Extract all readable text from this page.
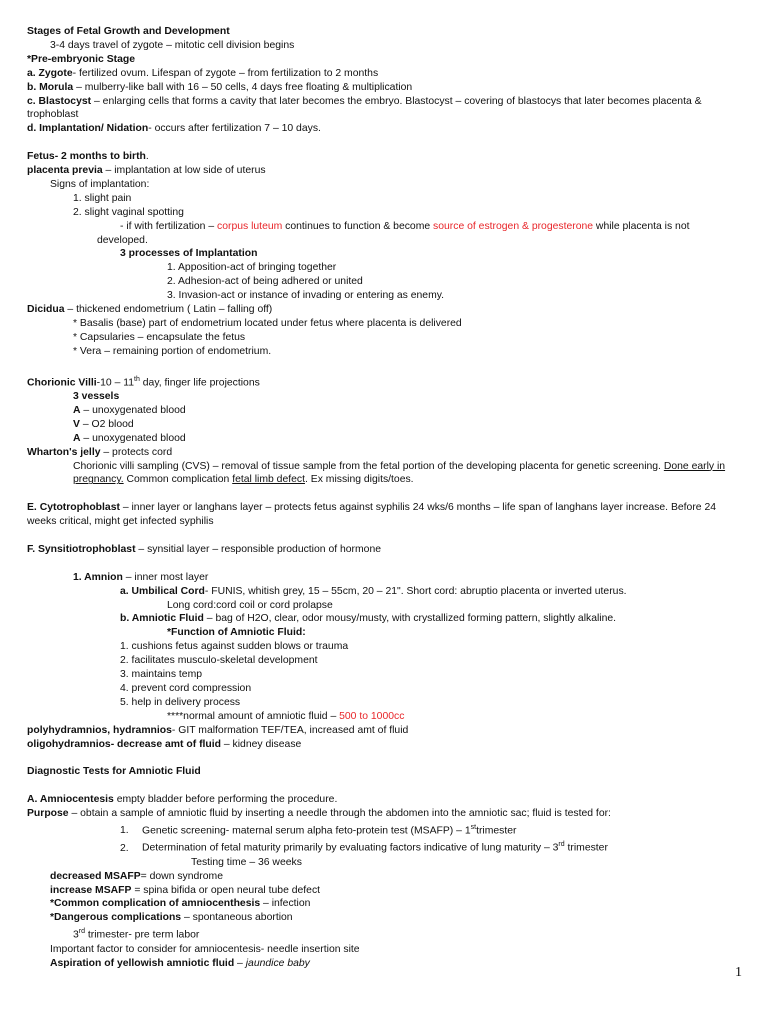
Stages of Fetal Growth and Development

3-4 days travel of zygote – mitotic cell division begins

*Pre-embryonic Stage

a. Zygote- fertilized ovum. Lifespan of zygote – from fertilization to 2 months

b. Morula – mulberry-like ball with 16 – 50 cells, 4 days free floating & multiplication

c. Blastocyst – enlarging cells that forms a cavity that later becomes the embryo. Blastocyst – covering of blastocys that later becomes placenta & trophoblast

d. Implantation/ Nidation- occurs after fertilization 7 – 10 days.

Fetus- 2 months to birth.

placenta previa – implantation at low side of uterus

Signs of implantation:

1. slight pain

2. slight vaginal spotting

- if with fertilization – corpus luteum continues to function & become source of estrogen & progesterone while placenta is not

developed.

3 processes of Implantation

1. Apposition-act of bringing together

2. Adhesion-act of being adhered or united

3. Invasion-act or instance of invading or entering as enemy.

Dicidua – thickened endometrium ( Latin – falling off)

* Basalis (base) part of endometrium located under fetus where placenta is delivered

* Capsularies – encapsulate the fetus

* Vera – remaining portion of endometrium.

Chorionic Villi-10 – 11th day, finger life projections

3 vessels

A – unoxygenated blood

V – O2 blood

A – unoxygenated blood

Wharton's jelly – protects cord

Chorionic villi sampling (CVS) – removal of tissue sample from the fetal portion of the developing placenta for genetic screening. Done early in pregnancy. Common complication fetal limb defect. Ex missing digits/toes.

E. Cytotrophoblast – inner layer or langhans layer – protects fetus against syphilis 24 wks/6 months – life span of langhans layer increase. Before 24 weeks critical, might get infected syphilis

F. Synsitiotrophoblast – synsitial layer – responsible production of hormone

1. Amnion – inner most layer

a. Umbilical Cord- FUNIS, whitish grey, 15 – 55cm, 20 – 21". Short cord: abruptio placenta or inverted uterus.

Long cord:cord coil or cord prolapse

b. Amniotic Fluid – bag of H2O, clear, odor mousy/musty, with crystallized forming pattern, slightly alkaline.

*Function of Amniotic Fluid:

1. cushions fetus against sudden blows or trauma

2. facilitates musculo-skeletal development

3. maintains temp

4. prevent cord compression

5. help in delivery process

****normal amount of amniotic fluid – 500 to 1000cc

polyhydramnios, hydramnios- GIT malformation TEF/TEA, increased amt of fluid

oligohydramnios- decrease amt of fluid – kidney disease

Diagnostic Tests for Amniotic Fluid

A. Amniocentesis empty bladder before performing the procedure.

Purpose – obtain a sample of amniotic fluid by inserting a needle through the abdomen into the amniotic sac; fluid is tested for:

1. Genetic screening- maternal serum alpha feto-protein test (MSAFP) – 1sttrimester

2. Determination of fetal maturity primarily by evaluating factors indicative of lung maturity – 3rd trimester

Testing time – 36 weeks

decreased MSAFP= down syndrome

increase MSAFP = spina bifida or open neural tube defect

*Common complication of amniocenthesis – infection

*Dangerous complications – spontaneous abortion

3rd trimester- pre term labor

Important factor to consider for amniocentesis- needle insertion site

Aspiration of yellowish amniotic fluid – jaundice baby

1
